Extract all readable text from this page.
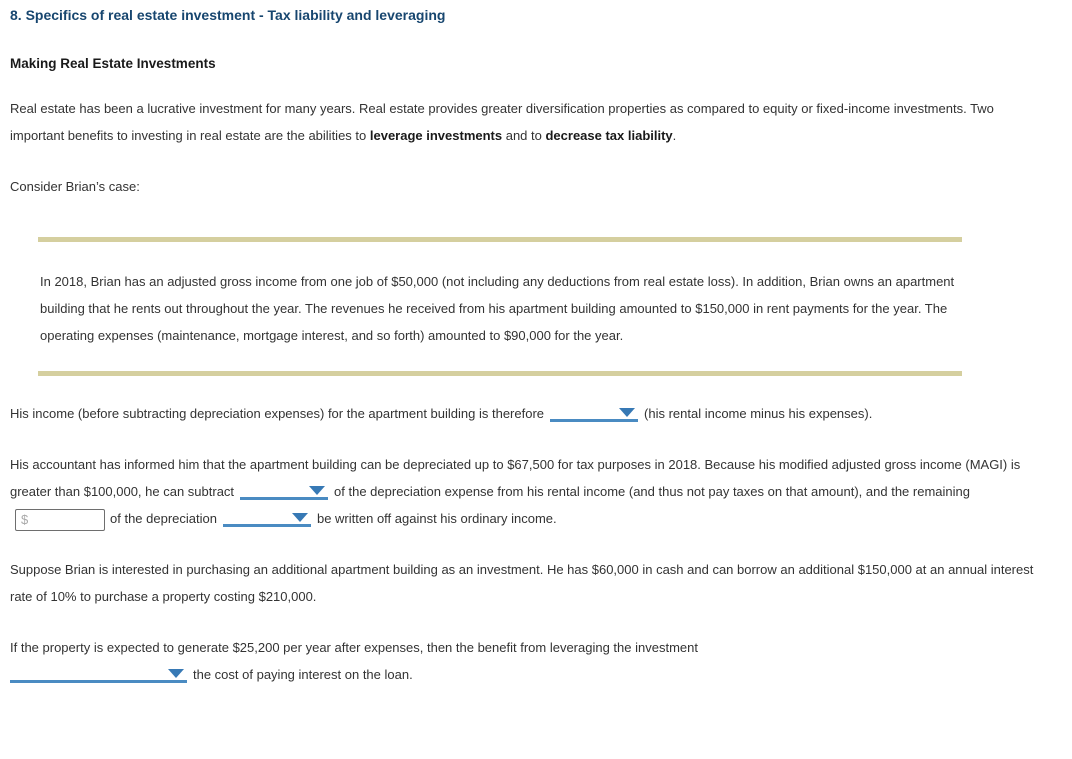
8. Specifics of real estate investment - Tax liability and leveraging
Making Real Estate Investments

Real estate has been a lucrative investment for many years. Real estate provides greater diversification properties as compared to equity or fixed-income investments. Two important benefits to investing in real estate are the abilities to leverage investments and to decrease tax liability.

Consider Brian’s case:

In 2018, Brian has an adjusted gross income from one job of $50,000 (not including any deductions from real estate loss). In addition, Brian owns an apartment building that he rents out throughout the year. The revenues he received from his apartment building amounted to $150,000 in rent payments for the year. The operating expenses (maintenance, mortgage interest, and so forth) amounted to $90,000 for the year.

His income (before subtracting depreciation expenses) for the apartment building is therefore	(his rental income minus his expenses).

His accountant has informed him that the apartment building can be depreciated up to $67,500 for tax purposes in 2018. Because his modified adjusted gross income (MAGI) is greater than $100,000, he can subtract	of the depreciation expense from his rental income (and thus not pay taxes on that amount), and the remaining$of the depreciation	be written off against his ordinary income.

Suppose Brian is interested in purchasing an additional apartment building as an investment. He has $60,000 in cash and can borrow an additional $150,000 at an annual interest rate of 10% to purchase a property costing $210,000.

If the property is expected to generate $25,200 per year after expenses, then the benefit from leveraging the investment

the cost of paying interest on the loan.
